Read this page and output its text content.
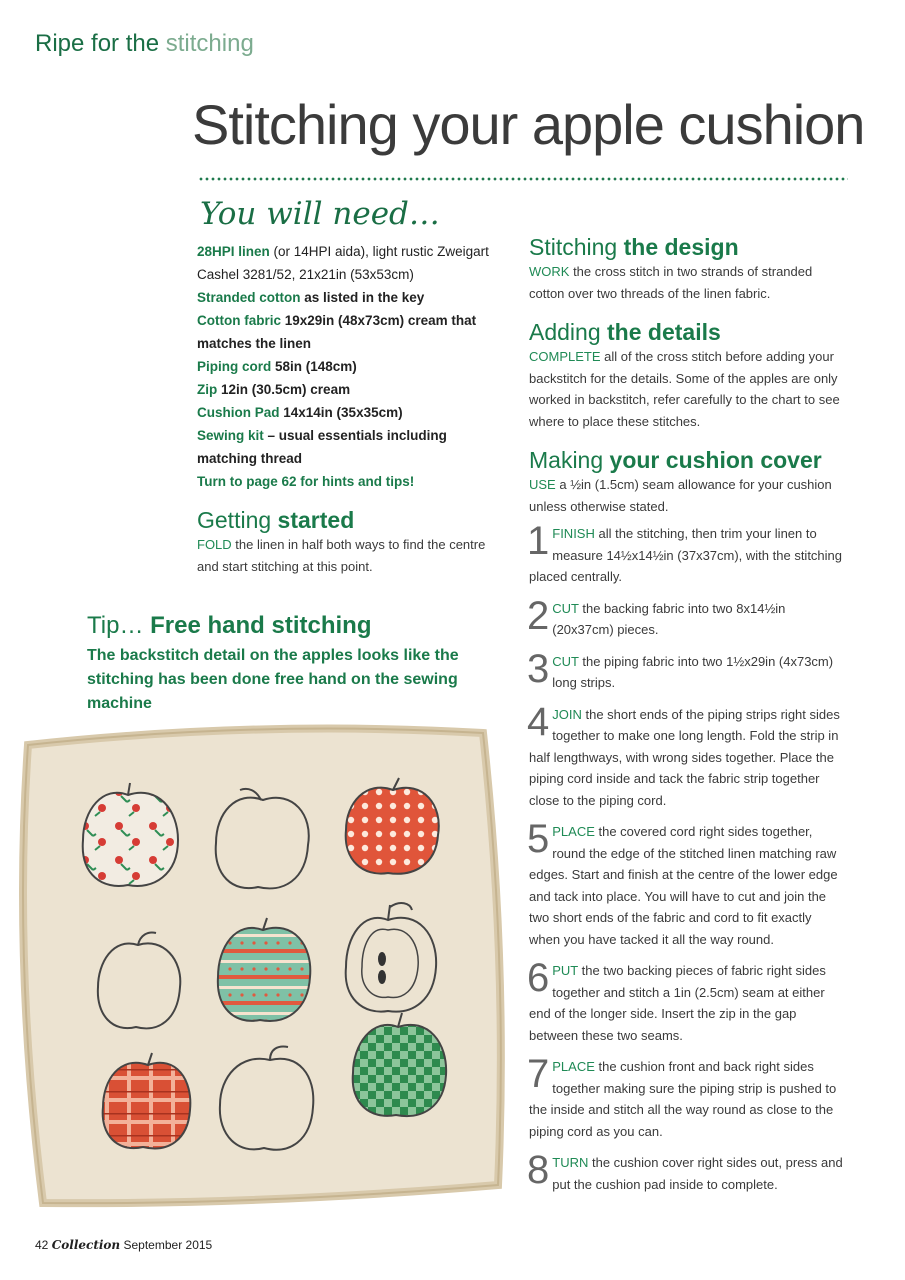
Ripe for the stitching
Stitching your apple cushion
You will need…

28HPI linen (or 14HPI aida), light rustic Zweigart Cashel 3281/52, 21x21in (53x53cm)

Stranded cotton as listed in the key

Cotton fabric 19x29in (48x73cm) cream that matches the linen

Piping cord 58in (148cm)

Zip 12in (30.5cm) cream

Cushion Pad 14x14in (35x35cm)

Sewing kit – usual essentials including matching thread

Turn to page 62 for hints and tips!

Getting started

FOLD the linen in half both ways to find the centre and start stitching at this point.

Stitching the design

WORK the cross stitch in two strands of stranded cotton over two threads of the linen fabric.

Adding the details

COMPLETE all of the cross stitch before adding your backstitch for the details. Some of the apples are only worked in backstitch, refer carefully to the chart to see where to place these stitches.

Making your cushion cover

USE a ½in (1.5cm) seam allowance for your cushion unless otherwise stated.

1 FINISH all the stitching, then trim your linen to measure 14½x14½in (37x37cm), with the stitching placed centrally.

2 CUT the backing fabric into two 8x14½in (20x37cm) pieces.

3 CUT the piping fabric into two 1½x29in (4x73cm) long strips.

4 JOIN the short ends of the piping strips right sides together to make one long length. Fold the strip in half lengthways, with wrong sides together. Place the piping cord inside and tack the fabric strip together close to the piping cord.

5 PLACE the covered cord right sides together, round the edge of the stitched linen matching raw edges. Start and finish at the centre of the lower edge and tack into place. You will have to cut and join the two short ends of the fabric and cord to fit exactly when you have tacked it all the way round.

6 PUT the two backing pieces of fabric right sides together and stitch a 1in (2.5cm) seam at either end of the longer side. Insert the zip in the gap between these two seams.

7 PLACE the cushion front and back right sides together making sure the piping strip is pushed to the inside and stitch all the way round as close to the piping cord as you can.

8 TURN the cushion cover right sides out, press and put the cushion pad inside to complete.

Tip… Free hand stitching

The backstitch detail on the apples looks like the stitching has been done free hand on the sewing machine

42 Collection September 2015
